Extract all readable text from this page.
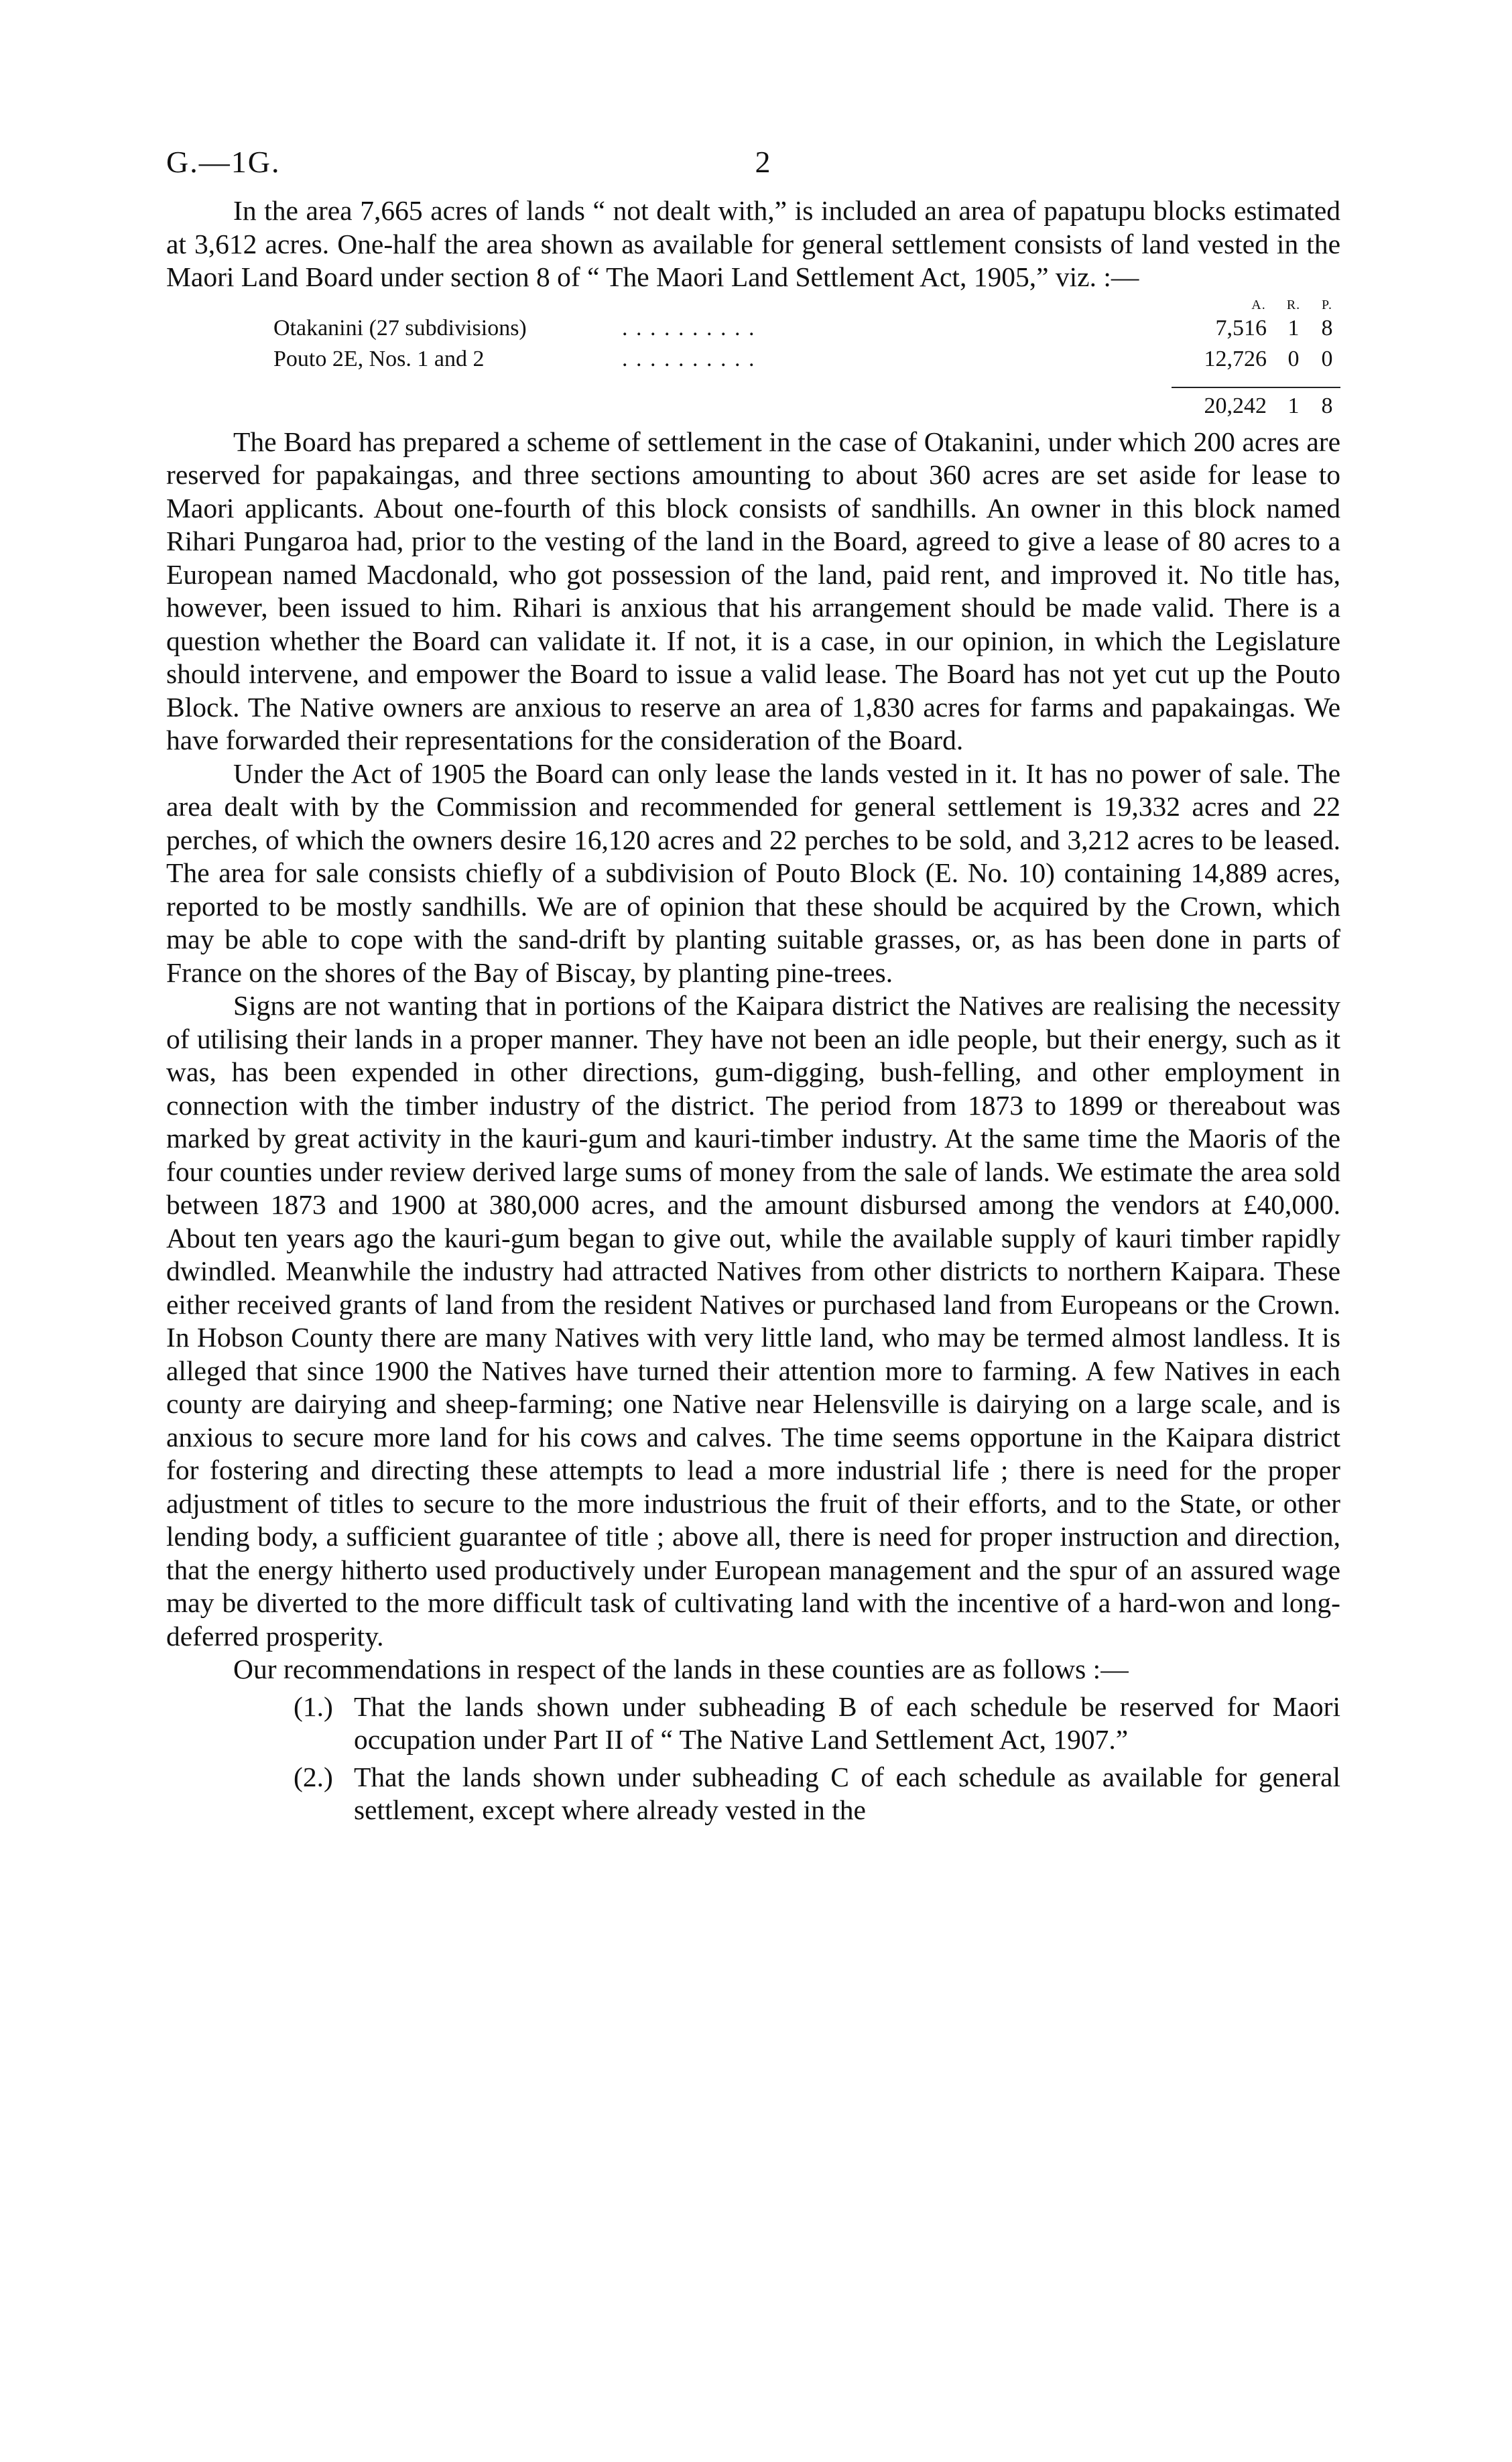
G.—1G.	2

In the area 7,665 acres of lands “ not dealt with,” is included an area of papatupu blocks estimated at 3,612 acres. One-half the area shown as available for general settlement consists of land vested in the Maori Land Board under section 8 of “ The Maori Land Settlement Act, 1905,” viz. :—

A.	R.	P.
Otakanini (27 subdivisions)	. . . . . . . . . .	7,516 1 8
Pouto 2E, Nos. 1 and 2	. . . . . . . . . .	12,726 0 0
20,242 1 8

The Board has prepared a scheme of settlement in the case of Otakanini, under which 200 acres are reserved for papakaingas, and three sections amounting to about 360 acres are set aside for lease to Maori applicants. About one-fourth of this block consists of sandhills. An owner in this block named Rihari Pungaroa had, prior to the vesting of the land in the Board, agreed to give a lease of 80 acres to a European named Macdonald, who got possession of the land, paid rent, and improved it. No title has, however, been issued to him. Rihari is anxious that his arrangement should be made valid. There is a question whether the Board can validate it. If not, it is a case, in our opinion, in which the Legislature should intervene, and empower the Board to issue a valid lease. The Board has not yet cut up the Pouto Block. The Native owners are anxious to reserve an area of 1,830 acres for farms and papakaingas. We have forwarded their representations for the consideration of the Board.

Under the Act of 1905 the Board can only lease the lands vested in it. It has no power of sale. The area dealt with by the Commission and recommended for general settlement is 19,332 acres and 22 perches, of which the owners desire 16,120 acres and 22 perches to be sold, and 3,212 acres to be leased. The area for sale consists chiefly of a subdivision of Pouto Block (E. No. 10) containing 14,889 acres, reported to be mostly sandhills. We are of opinion that these should be acquired by the Crown, which may be able to cope with the sand-drift by planting suitable grasses, or, as has been done in parts of France on the shores of the Bay of Biscay, by planting pine-trees.

Signs are not wanting that in portions of the Kaipara district the Natives are realising the necessity of utilising their lands in a proper manner. They have not been an idle people, but their energy, such as it was, has been expended in other directions, gum-digging, bush-felling, and other employment in connection with the timber industry of the district. The period from 1873 to 1899 or thereabout was marked by great activity in the kauri-gum and kauri-timber industry. At the same time the Maoris of the four counties under review derived large sums of money from the sale of lands. We estimate the area sold between 1873 and 1900 at 380,000 acres, and the amount disbursed among the vendors at £40,000. About ten years ago the kauri-gum began to give out, while the available supply of kauri timber rapidly dwindled. Meanwhile the industry had attracted Natives from other districts to northern Kaipara. These either received grants of land from the resident Natives or purchased land from Europeans or the Crown. In Hobson County there are many Natives with very little land, who may be termed almost landless. It is alleged that since 1900 the Natives have turned their attention more to farming. A few Natives in each county are dairying and sheep-farming; one Native near Helensville is dairying on a large scale, and is anxious to secure more land for his cows and calves. The time seems opportune in the Kaipara district for fostering and directing these attempts to lead a more industrial life ; there is need for the proper adjustment of titles to secure to the more industrious the fruit of their efforts, and to the State, or other lending body, a sufficient guarantee of title ; above all, there is need for proper instruction and direction, that the energy hitherto used productively under European management and the spur of an assured wage may be diverted to the more difficult task of cultivating land with the incentive of a hard-won and long-deferred prosperity.

Our recommendations in respect of the lands in these counties are as follows :—

(1.) That the lands shown under subheading B of each schedule be reserved for Maori occupation under Part II of “ The Native Land Settlement Act, 1907.”
(2.) That the lands shown under subheading C of each schedule as available for general settlement, except where already vested in the
